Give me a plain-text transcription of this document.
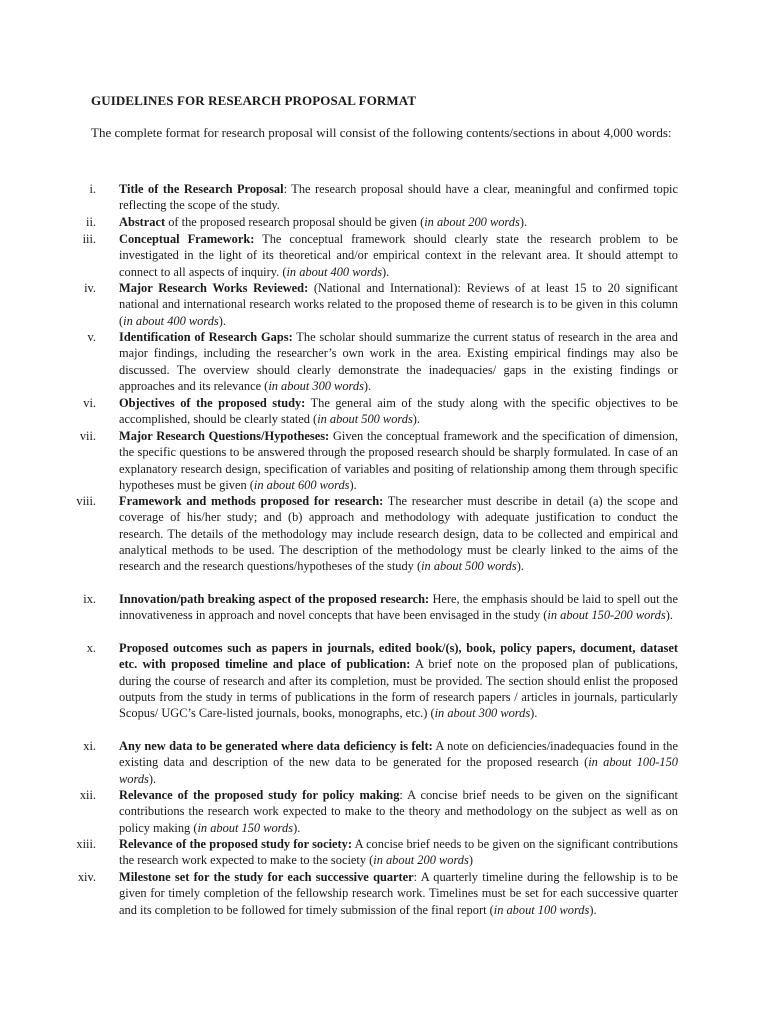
GUIDELINES FOR RESEARCH PROPOSAL FORMAT
The complete format for research proposal will consist of the following contents/sections in about 4,000 words:
i. Title of the Research Proposal: The research proposal should have a clear, meaningful and confirmed topic reflecting the scope of the study.
ii. Abstract of the proposed research proposal should be given (in about 200 words).
iii. Conceptual Framework: The conceptual framework should clearly state the research problem to be investigated in the light of its theoretical and/or empirical context in the relevant area. It should attempt to connect to all aspects of inquiry. (in about 400 words).
iv. Major Research Works Reviewed: (National and International): Reviews of at least 15 to 20 significant national and international research works related to the proposed theme of research is to be given in this column (in about 400 words).
v. Identification of Research Gaps: The scholar should summarize the current status of research in the area and major findings, including the researcher’s own work in the area. Existing empirical findings may also be discussed. The overview should clearly demonstrate the inadequacies/ gaps in the existing findings or approaches and its relevance (in about 300 words).
vi. Objectives of the proposed study: The general aim of the study along with the specific objectives to be accomplished, should be clearly stated (in about 500 words).
vii. Major Research Questions/Hypotheses: Given the conceptual framework and the specification of dimension, the specific questions to be answered through the proposed research should be sharply formulated. In case of an explanatory research design, specification of variables and positing of relationship among them through specific hypotheses must be given (in about 600 words).
viii. Framework and methods proposed for research: The researcher must describe in detail (a) the scope and coverage of his/her study; and (b) approach and methodology with adequate justification to conduct the research. The details of the methodology may include research design, data to be collected and empirical and analytical methods to be used. The description of the methodology must be clearly linked to the aims of the research and the research questions/hypotheses of the study (in about 500 words).
ix. Innovation/path breaking aspect of the proposed research: Here, the emphasis should be laid to spell out the innovativeness in approach and novel concepts that have been envisaged in the study (in about 150-200 words).
x. Proposed outcomes such as papers in journals, edited book/(s), book, policy papers, document, dataset etc. with proposed timeline and place of publication: A brief note on the proposed plan of publications, during the course of research and after its completion, must be provided. The section should enlist the proposed outputs from the study in terms of publications in the form of research papers / articles in journals, particularly Scopus/ UGC’s Care-listed journals, books, monographs, etc.) (in about 300 words).
xi. Any new data to be generated where data deficiency is felt: A note on deficiencies/inadequacies found in the existing data and description of the new data to be generated for the proposed research (in about 100-150 words).
xii. Relevance of the proposed study for policy making: A concise brief needs to be given on the significant contributions the research work expected to make to the theory and methodology on the subject as well as on policy making (in about 150 words).
xiii. Relevance of the proposed study for society: A concise brief needs to be given on the significant contributions the research work expected to make to the society (in about 200 words)
xiv. Milestone set for the study for each successive quarter: A quarterly timeline during the fellowship is to be given for timely completion of the fellowship research work. Timelines must be set for each successive quarter and its completion to be followed for timely submission of the final report (in about 100 words).
